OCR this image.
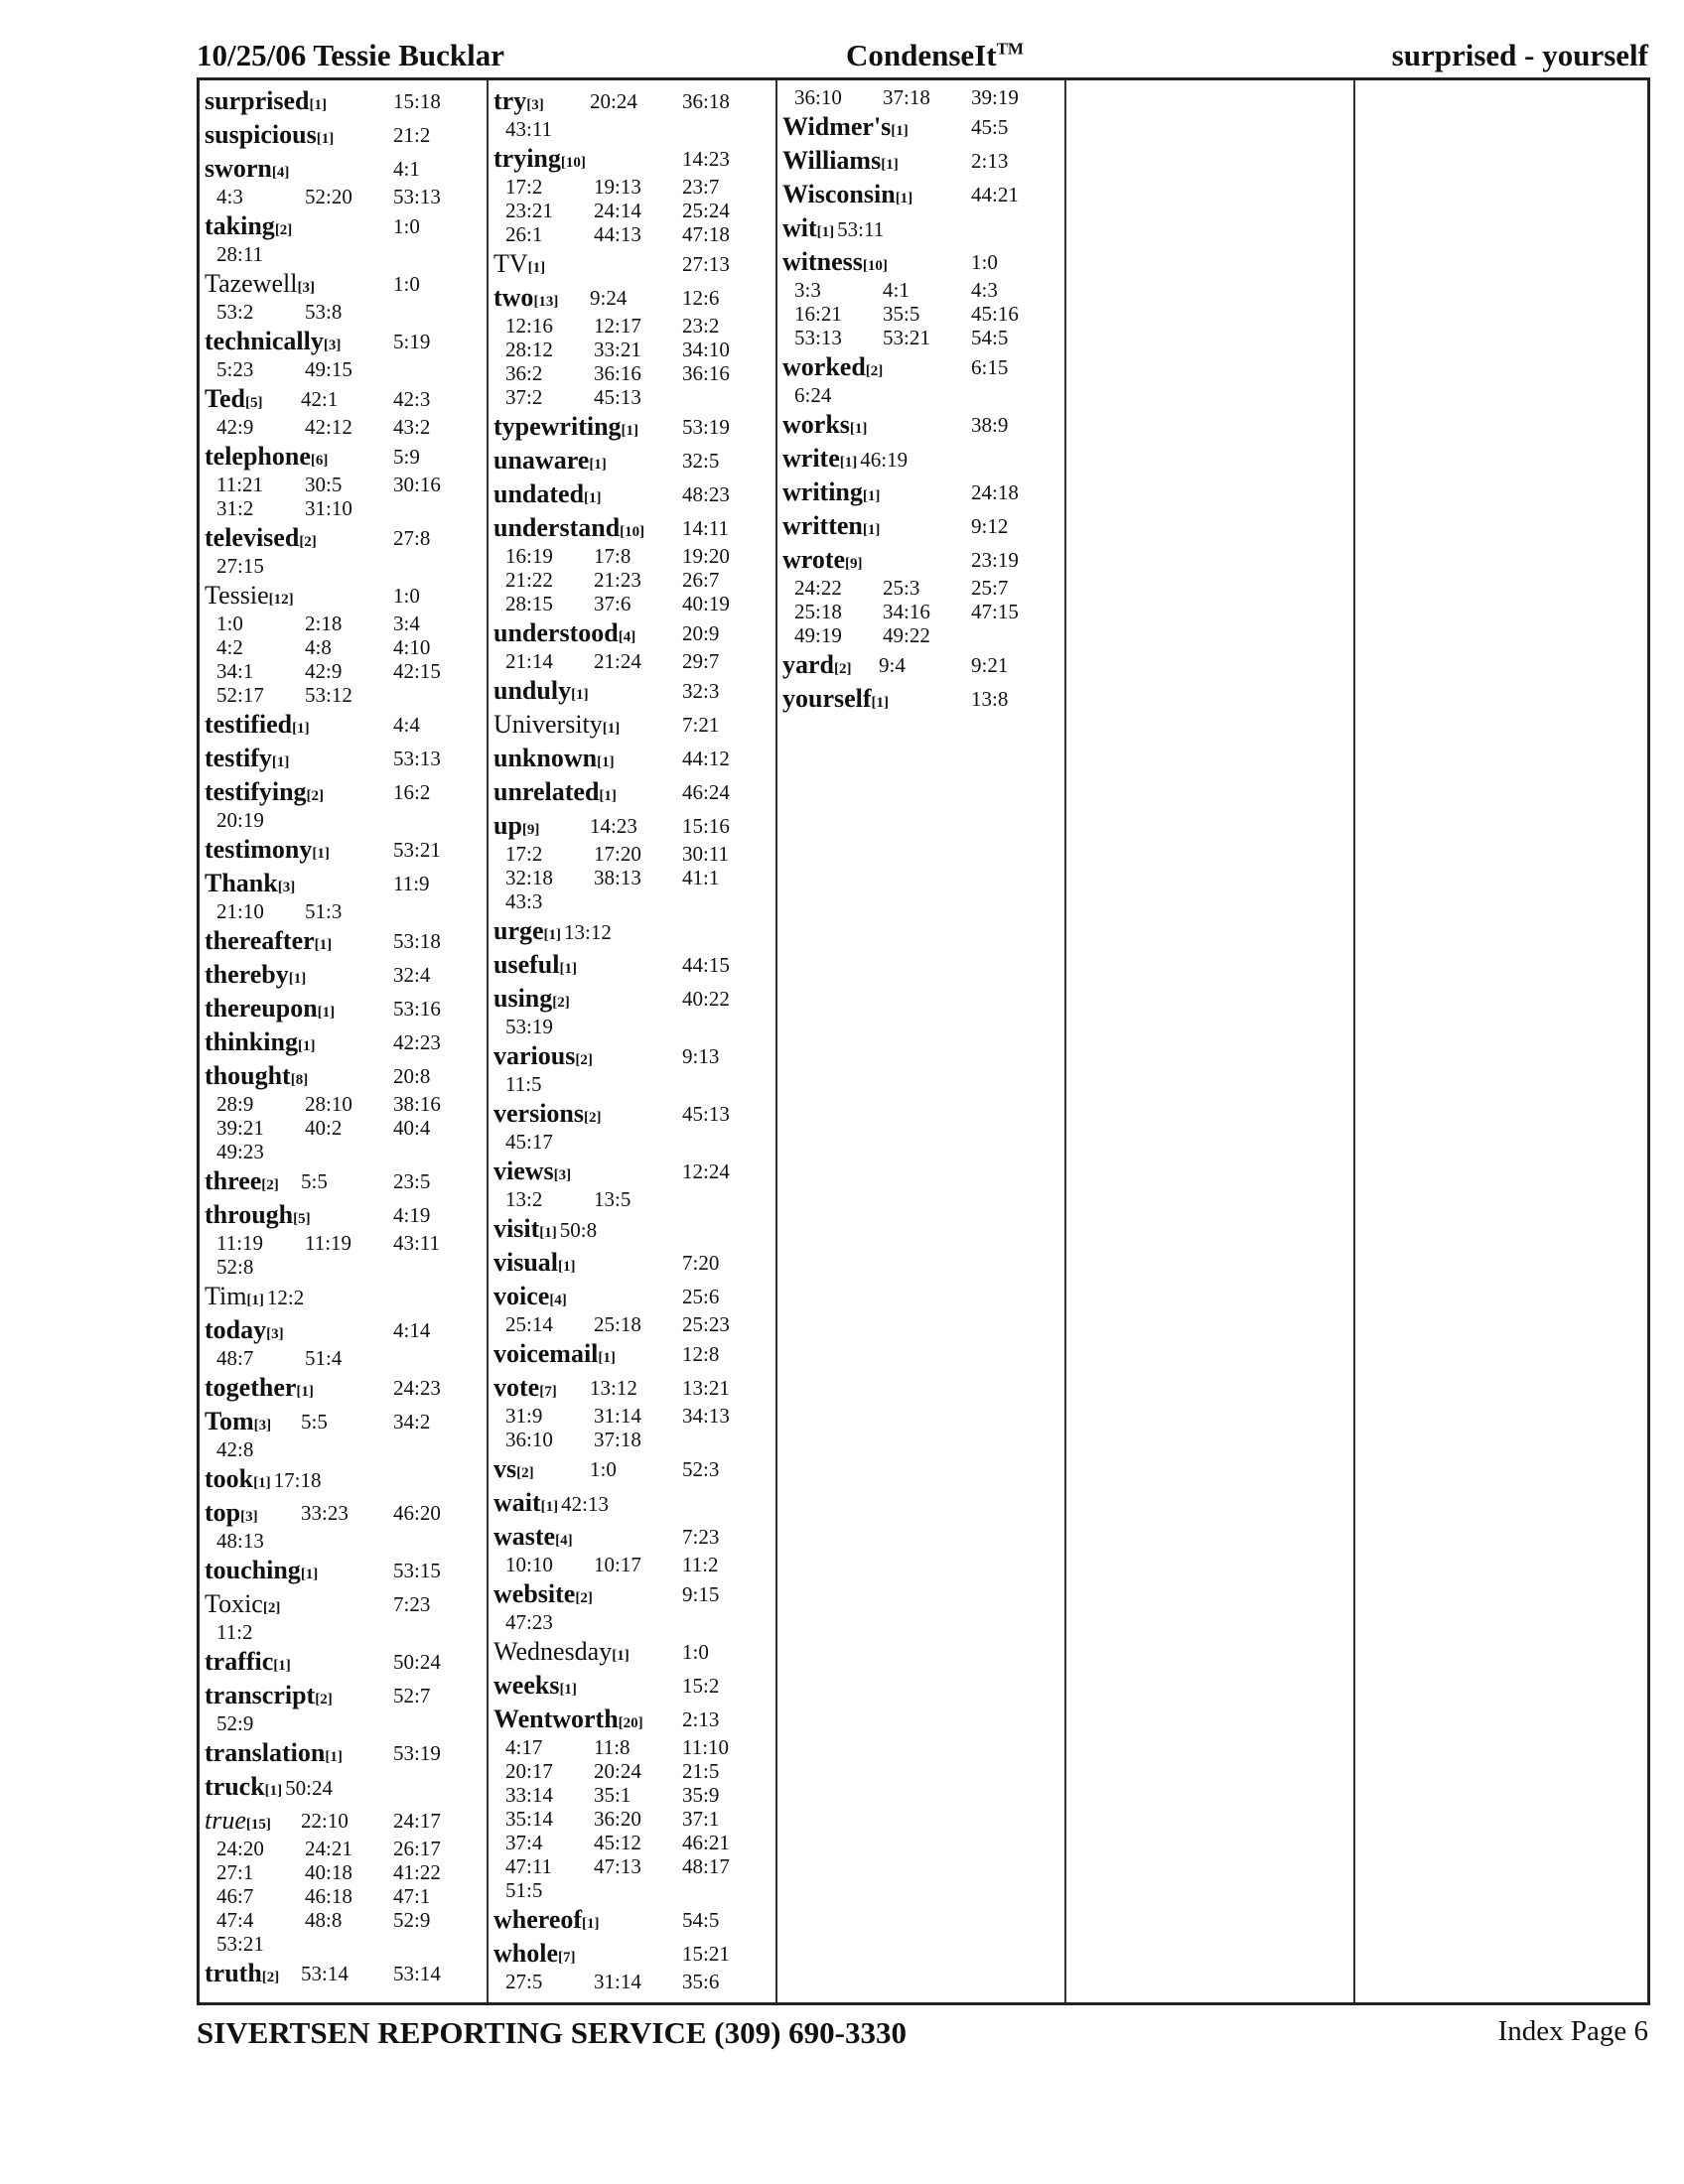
10/25/06 Tessie Bucklar	CondenseIt™	surprised - yourself
surprised[1]	15:18
suspicious[1]	21:2
sworn[4]	4:1
4:3	52:20 53:13
taking[2]	1:0
28:11
Tazewell[3]	1:0
53:2 53:8
technically[3]	5:19
5:23 49:15
Ted[5] 42:1	42:3
42:9 42:12 43:2
telephone[6]	5:9
11:21 30:5 30:16
31:2 31:10
televised[2]	27:8
27:15
Tessie[12]	1:0
1:0	2:18 3:4
4:2	4:8	4:10
34:1 42:9 42:15
52:17 53:12
testified[1]	4:4
testify[1]	53:13
testifying[2]	16:2
20:19
testimony[1]	53:21
Thank[3]	11:9
21:10 51:3
thereafter[1]	53:18
thereby[1]	32:4
thereupon[1]	53:16
thinking[1]	42:23
thought[8]	20:8
28:9 28:10 38:16
39:21 40:2 40:4
49:23
three[2] 5:5	23:5
through[5]	4:19
11:19 11:19 43:11
52:8
Tim[1] 12:2
today[3]	4:14
48:7 51:4
together[1]	24:23
Tom[3] 5:5	34:2
42:8
took[1] 17:18
top[3] 33:23 46:20
48:13
touching[1]	53:15
Toxic[2]	7:23
11:2
traffic[1]	50:24
transcript[2]	52:7
52:9
translation[1] 53:19
truck[1] 50:24
true[15] 22:10 24:17
24:20 24:21 26:17
27:1 40:18 41:22
46:7 46:18 47:1
47:4 48:8 52:9
53:21
truth[2] 53:14 53:14
try[3] 20:24 36:18
43:11
trying[10]	14:23
17:2 19:13 23:7
23:21 24:14 25:24
26:1 44:13 47:18
TV[1]	27:13
two[13] 9:24	12:6
12:16 12:17 23:2
28:12 33:21 34:10
36:2 36:16 36:16
37:2 45:13
typewriting[1] 53:19
unaware[1]	32:5
undated[1]	48:23
understand[10] 14:11
16:19 17:8 19:20
21:22 21:23 26:7
28:15 37:6 40:19
understood[4] 20:9
21:14 21:24 29:7
unduly[1]	32:3
University[1]	7:21
unknown[1]	44:12
unrelated[1]	46:24
up[9] 14:23 15:16
17:2 17:20 30:11
32:18 38:13 41:1
43:3
urge[1] 13:12
useful[1]	44:15
using[2]	40:22
53:19
various[2]	9:13
11:5
versions[2]	45:13
45:17
views[3]	12:24
13:2 13:5
visit[1] 50:8
visual[1]	7:20
voice[4]	25:6
25:14 25:18 25:23
voicemail[1]	12:8
vote[7] 13:12 13:21
31:9 31:14 34:13
36:10 37:18
vs[2]	1:0	52:3
wait[1] 42:13
waste[4]	7:23
10:10 10:17 11:2
website[2]	9:15
47:23
Wednesday[1]	1:0
weeks[1]	15:2
Wentworth[20] 2:13
4:17 11:8 11:10
20:17 20:24 21:5
33:14 35:1 35:9
35:14 36:20 37:1
37:4 45:12 46:21
47:11 47:13 48:17
51:5
whereof[1]	54:5
whole[7]	15:21
27:5 31:14 35:6
36:10 37:18 39:19
Widmer's[1]	45:5
Williams[1]	2:13
Wisconsin[1]	44:21
wit[1] 53:11
witness[10]	1:0
3:3	4:1	4:3
16:21 35:5 45:16
53:13 53:21 54:5
worked[2]	6:15
6:24
works[1]	38:9
write[1] 46:19
writing[1]	24:18
written[1]	9:12
wrote[9]	23:19
24:22 25:3 25:7
25:18 34:16 47:15
49:19 49:22
yard[2] 9:4	9:21
yourself[1]	13:8
SIVERTSEN REPORTING SERVICE (309) 690-3330	Index Page 6
